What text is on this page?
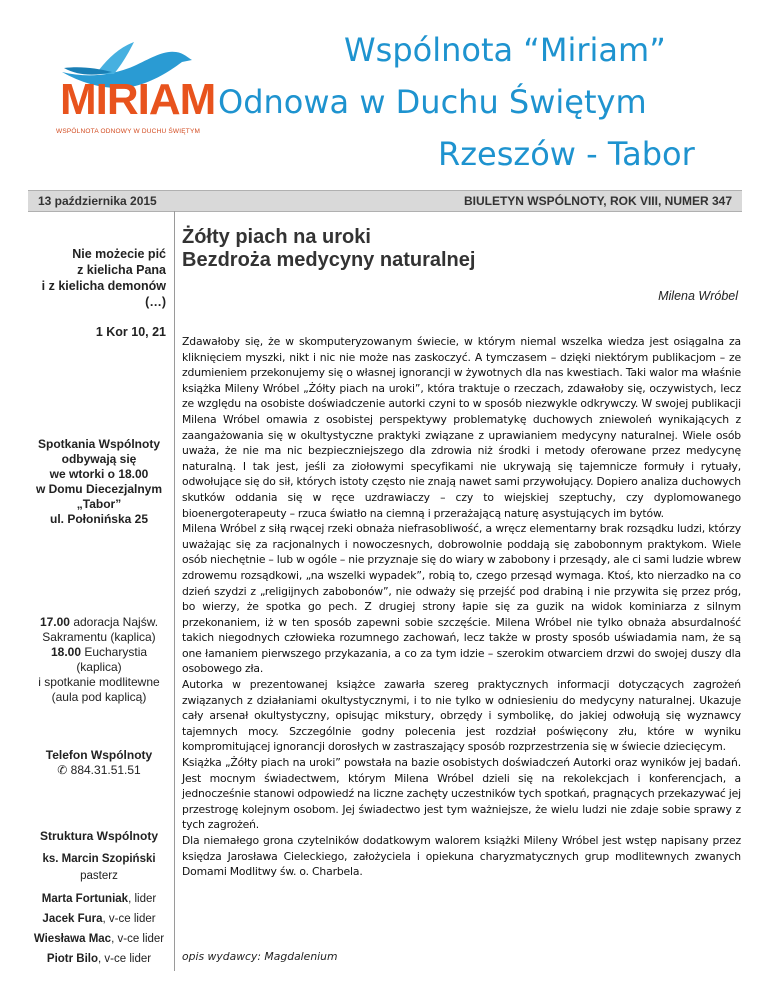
MIRIAM
WSPÓLNOTA ODNOWY W DUCHU ŚWIĘTYM
Wspólnota “Miriam”
Odnowa w Duchu Świętym
Rzeszów - Tabor
13 października 2015	BIULETYN WSPÓLNOTY, ROK VIII, NUMER 347
Nie możecie pić
z kielicha Pana
i z kielicha demonów
(…)
1 Kor 10, 21
Spotkania Wspólnoty
odbywają się
we wtorki o 18.00
w Domu Diecezjalnym
„Tabor”
ul. Połonińska 25
17.00 adoracja Najśw.
Sakramentu (kaplica)
18.00 Eucharystia (kaplica)
i spotkanie modlitewne
(aula pod kaplicą)
Telefon Wspólnoty
✆ 884.31.51.51
Struktura Wspólnoty
ks. Marcin Szopiński
pasterz
Marta Fortuniak, lider
Jacek Fura, v-ce lider
Wiesława Mac, v-ce lider
Piotr Bilo, v-ce lider
Żółty piach na uroki
Bezdroża medycyny naturalnej
Milena Wróbel

Zdawałoby się, że w skomputeryzowanym świecie, w którym niemal wszelka wiedza jest osiągalna za kliknięciem myszki, nikt i nic nie może nas zaskoczyć. A tymczasem – dzięki niektórym publikacjom – ze zdumieniem przekonujemy się o własnej ignorancji w żywotnych dla nas kwestiach. Taki walor ma właśnie książka Mileny Wróbel „Żółty piach na uroki”, która traktuje o rzeczach, zdawałoby się, oczywistych, lecz ze względu na osobiste doświadczenie autorki czyni to w sposób niezwykle odkrywczy. W swojej publikacji Milena Wróbel omawia z osobistej perspektywy problematykę duchowych zniewoleń wynikających z zaangażowania się w okultystyczne praktyki związane z uprawianiem medycyny naturalnej. Wiele osób uważa, że nie ma nic bezpieczniejszego dla zdrowia niż środki i metody oferowane przez medycynę naturalną. I tak jest, jeśli za ziołowymi specyfikami nie ukrywają się tajemnicze formuły i rytuały, odwołujące się do sił, których istoty często nie znają nawet sami przywołujący. Dopiero analiza duchowych skutków oddania się w ręce uzdrawiaczy – czy to wiejskiej szeptuchy, czy dyplomowanego bioenergoterapeuty – rzuca światło na ciemną i przerażającą naturę asystujących im bytów.

Milena Wróbel z siłą rwącej rzeki obnaża niefrasobliwość, a wręcz elementarny brak rozsądku ludzi, którzy uważając się za racjonalnych i nowoczesnych, dobrowolnie poddają się zabobonnym praktykom. Wiele osób niechętnie – lub w ogóle – nie przyznaje się do wiary w zabobony i przesądy, ale ci sami ludzie wbrew zdrowemu rozsądkowi, „na wszelki wypadek”, robią to, czego przesąd wymaga. Ktoś, kto nierzadko na co dzień szydzi z „religijnych zabobonów”, nie odważy się przejść pod drabiną i nie przywita się przez próg, bo wierzy, że spotka go pech. Z drugiej strony łapie się za guzik na widok kominiarza z silnym przekonaniem, iż w ten sposób zapewni sobie szczęście. Milena Wróbel nie tylko obnaża absurdalność takich niegodnych człowieka rozumnego zachowań, lecz także w prosty sposób uświadamia nam, że są one łamaniem pierwszego przykazania, a co za tym idzie – szerokim otwarciem drzwi do swojej duszy dla osobowego zła.

Autorka w prezentowanej książce zawarła szereg praktycznych informacji dotyczących zagrożeń związanych z działaniami okultystycznymi, i to nie tylko w odniesieniu do medycyny naturalnej. Ukazuje cały arsenał okultystyczny, opisując mikstury, obrzędy i symbolikę, do jakiej odwołują się wyznawcy tajemnych mocy. Szczególnie godny polecenia jest rozdział poświęcony złu, które w wyniku kompromitującej ignorancji dorosłych w zastraszający sposób rozprzestrzenia się w świecie dziecięcym.

Książka „Żółty piach na uroki” powstała na bazie osobistych doświadczeń Autorki oraz wyników jej badań. Jest mocnym świadectwem, którym Milena Wróbel dzieli się na rekolekcjach i konferencjach, a jednocześnie stanowi odpowiedź na liczne zachęty uczestników tych spotkań, pragnących przekazywać jej przestrogę kolejnym osobom. Jej świadectwo jest tym ważniejsze, że wielu ludzi nie zdaje sobie sprawy z tych zagrożeń.

Dla niemałego grona czytelników dodatkowym walorem książki Mileny Wróbel jest wstęp napisany przez księdza Jarosława Cieleckiego, założyciela i opiekuna charyzmatycznych grup modlitewnych zwanych Domami Modlitwy św. o. Charbela.

opis wydawcy: Magdalenium
